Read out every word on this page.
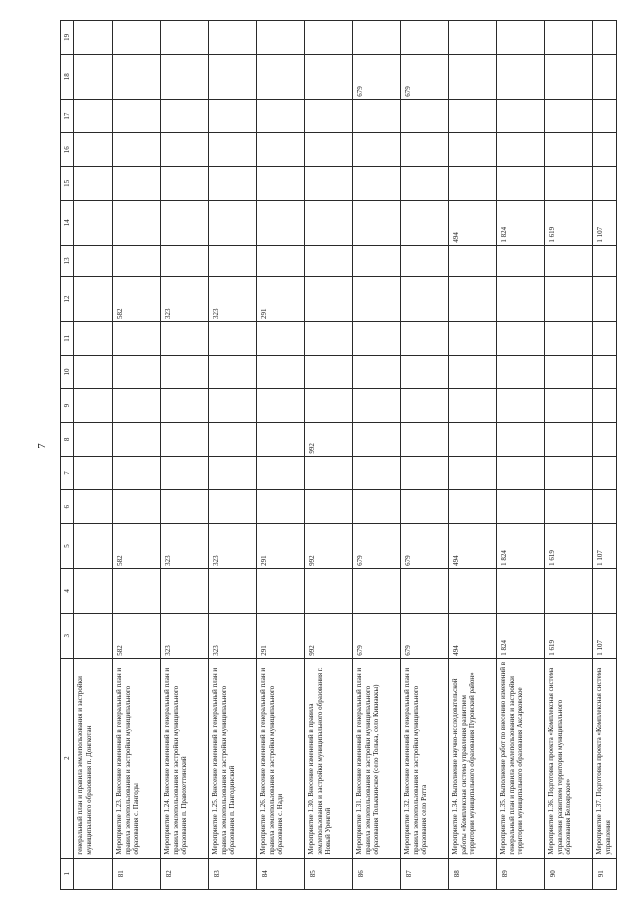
7
1	2	3	4	5	6	7	8	9	10	11	12	13	14	15	16	17	18	19
	генеральный план и правила землепользования и застройки муниципального образования п. Донгкотан																	
81	Мероприятие 1.23. Внесение изменений в генеральный план и правила землепользования и застройки муниципального образования с. Пангоды	582		582							582							
82	Мероприятие 1.24. Внесение изменений в генеральный план и правила землепользования и застройки муниципального образования п. Правохеттинский	323		323							323							
83	Мероприятие 1.25. Внесение изменений в генеральный план и правила землепользования и застройки муниципального образования п. Пангодинский	323		323							323							
84	Мероприятие 1.26. Внесение изменений в генеральный план и правила землепользования и застройки муниципального образования с. Нади	291		291							291							
85	Мероприятие 1.30. Внесение изменений в правила землепользования и застройки муниципального образования г. Новый Уренгой	992		992			992											
86	Мероприятие 1.31. Внесение изменений в генеральный план и правила землепользования и застройки муниципального образования Тольккинское (село Толька, село Кикиаккы)	679		679													679	
87	Мероприятие 1.32. Внесение изменений в генеральный план и правила землепользования и застройки муниципального образования село Ратта	679		679													679	
88	Мероприятие 1.34. Выполнение научно-исследовательской работы «Комплексная система управления развитием территории муниципального образования Пуровский район»	494		494									494					
89	Мероприятие 1.35. Выполнение работ по внесению изменений в генеральный план и правила землепользования и застройки территории муниципального образования Аксарковское	1 824		1 824									1 824					
90	Мероприятие 1.36. Подготовка проекта «Комплексная система управления развитием территории муниципального образования Белоярское»	1 619		1 619									1 619					
91	Мероприятие 1.37. Подготовка проекта «Комплексная система управления	1 107		1 107									1 107					
